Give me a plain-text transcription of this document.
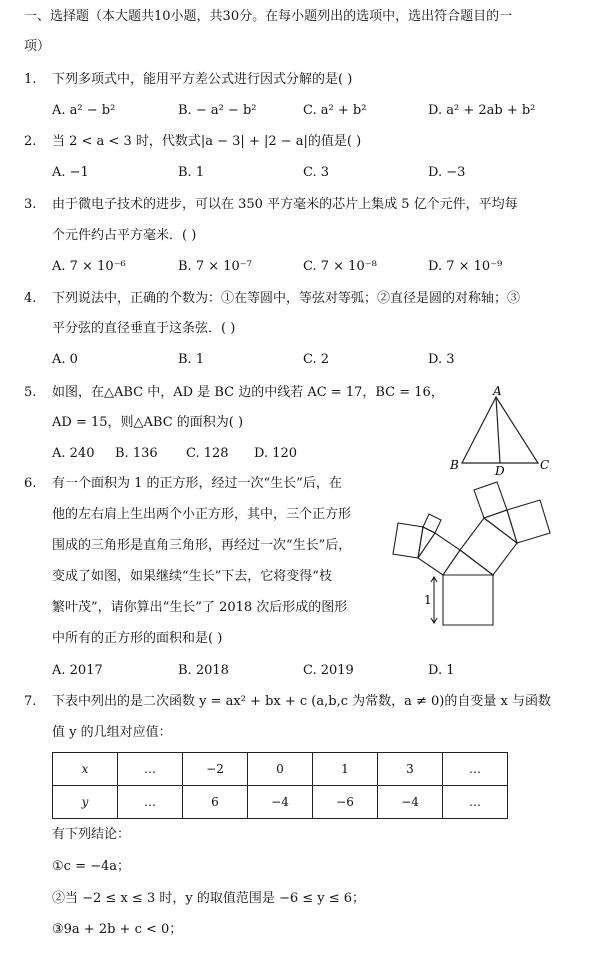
一、选择题（本大题共10小题，共30分。在每小题列出的选项中，选出符合题目的一
项）
1. 下列多项式中，能用平方差公式进行因式分解的是( )
A. a² − b²	B. − a² − b²	C. a² + b²	D. a² + 2ab + b²
2. 当 2 < a < 3 时，代数式|a − 3| + |2 − a|的值是( )
A. −1	B. 1	C. 3	D. −3
3. 由于微电子技术的进步，可以在 350 平方毫米的芯片上集成 5 亿个元件，平均每
个元件约占平方毫米．( )
A. 7 × 10⁻⁶	B. 7 × 10⁻⁷	C. 7 × 10⁻⁸	D. 7 × 10⁻⁹
4. 下列说法中，正确的个数为：①在等圆中，等弦对等弧；②直径是圆的对称轴；③
平分弦的直径垂直于这条弦．( )
A. 0	B. 1	C. 2	D. 3
5. 如图，在△ABC 中，AD 是 BC 边的中线若 AC = 17，BC = 16，
AD = 15，则△ABC 的面积为( )
A. 240 B. 136 C. 128 D. 120
A
B	C
D
6. 有一个面积为 1 的正方形，经过一次“生长”后，在
他的左右肩上生出两个小正方形，其中，三个正方形
围成的三角形是直角三角形，再经过一次“生长”后，
变成了如图，如果继续“生长”下去，它将变得“枝
繁叶茂”，请你算出“生长”了 2018 次后形成的图形
中所有的正方形的面积和是( )
A. 2017	B. 2018	C. 2019	D. 1
1
7. 下表中列出的是二次函数 y = ax² + bx + c (a,b,c 为常数，a ≠ 0)的自变量 x 与函数
值 y 的几组对应值：
x	…	−2	0	1	3	…
y	…	6	−4	−6	−4	…
有下列结论：
①c = −4a；
②当 −2 ≤ x ≤ 3 时，y 的取值范围是 −6 ≤ y ≤ 6；
③9a + 2b + c < 0；
